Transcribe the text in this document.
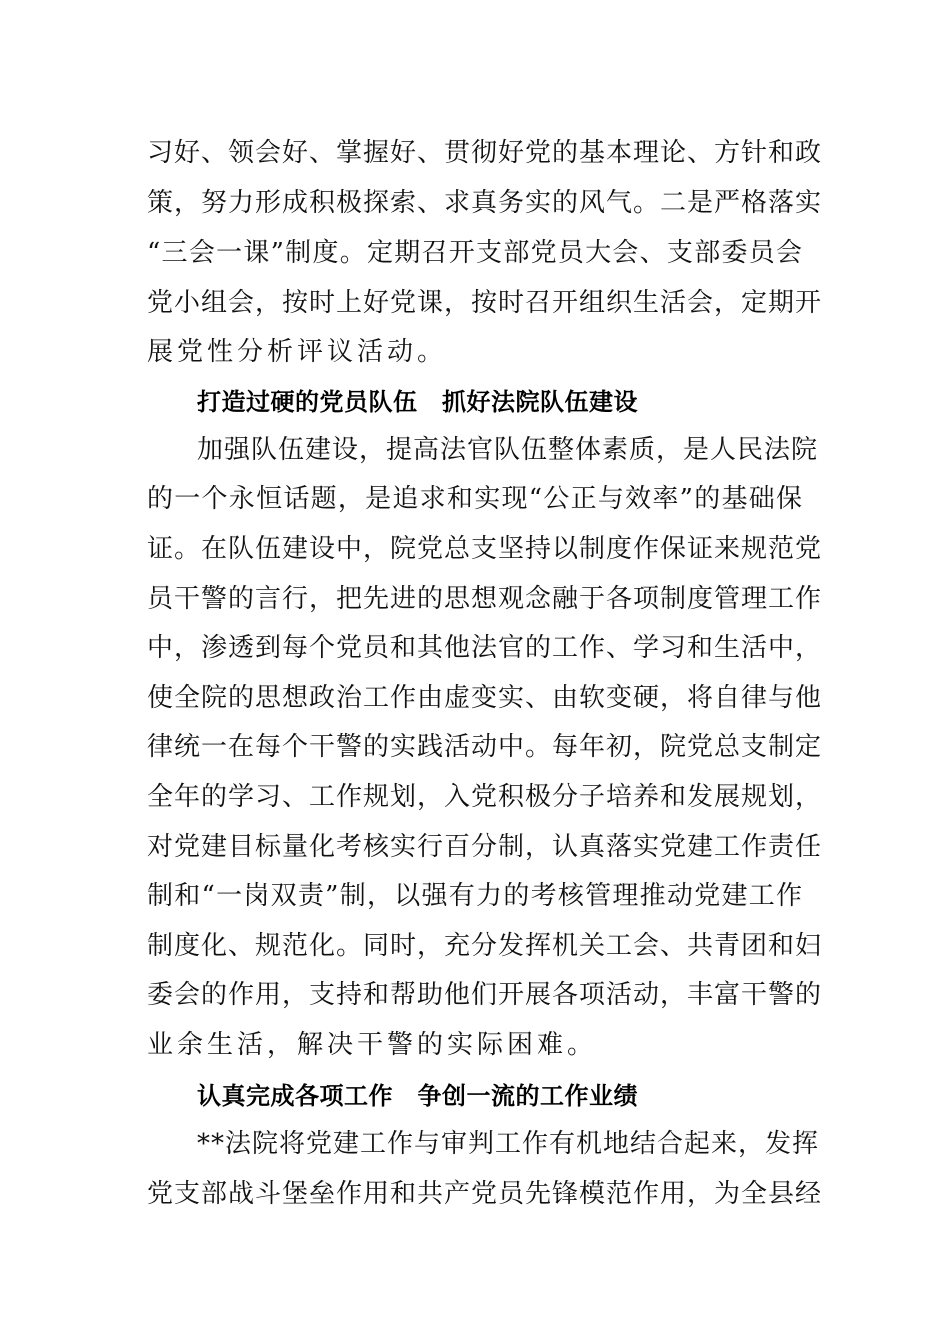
习好、领会好、掌握好、贯彻好党的基本理论、方针和政
策，努力形成积极探索、求真务实的风气。二是严格落实
“三会一课”制度。定期召开支部党员大会、支部委员会
党小组会，按时上好党课，按时召开组织生活会，定期开
展党性分析评议活动。
打造过硬的党员队伍　抓好法院队伍建设
加强队伍建设，提高法官队伍整体素质，是人民法院
的一个永恒话题，是追求和实现“公正与效率”的基础保
证。在队伍建设中，院党总支坚持以制度作保证来规范党
员干警的言行，把先进的思想观念融于各项制度管理工作
中，渗透到每个党员和其他法官的工作、学习和生活中，
使全院的思想政治工作由虚变实、由软变硬，将自律与他
律统一在每个干警的实践活动中。每年初，院党总支制定
全年的学习、工作规划，入党积极分子培养和发展规划，
对党建目标量化考核实行百分制，认真落实党建工作责任
制和“一岗双责”制，以强有力的考核管理推动党建工作
制度化、规范化。同时，充分发挥机关工会、共青团和妇
委会的作用，支持和帮助他们开展各项活动，丰富干警的
业余生活，解决干警的实际困难。
认真完成各项工作　争创一流的工作业绩
**法院将党建工作与审判工作有机地结合起来，发挥
党支部战斗堡垒作用和共产党员先锋模范作用，为全县经
